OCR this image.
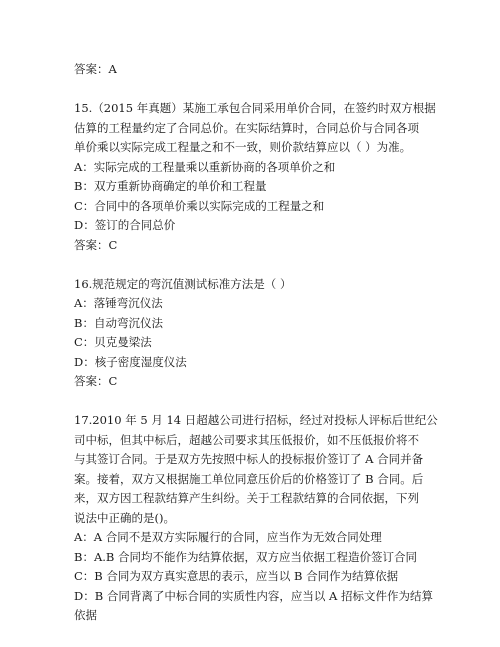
答案：A
15.（2015 年真题）某施工承包合同采用单价合同，在签约时双方根据
估算的工程量约定了合同总价。在实际结算时，合同总价与合同各项
单价乘以实际完成工程量之和不一致，则价款结算应以（ ）为准。
A：实际完成的工程量乘以重新协商的各项单价之和
B：双方重新协商确定的单价和工程量
C：合同中的各项单价乘以实际完成的工程量之和
D：签订的合同总价
答案：C
16.规范规定的弯沉值测试标准方法是（ ）
A：落锤弯沉仪法
B：自动弯沉仪法
C：贝克曼梁法
D：核子密度湿度仪法
答案：C
17.2010 年 5 月 14 日超越公司进行招标，经过对投标人评标后世纪公
司中标，但其中标后，超越公司要求其压低报价，如不压低报价将不
与其签订合同。于是双方先按照中标人的投标报价签订了 A 合同并备
案。接着，双方又根据施工单位同意压价后的价格签订了 B 合同。后
来，双方因工程款结算产生纠纷。关于工程款结算的合同依据，下列
说法中正确的是()。
A：A 合同不是双方实际履行的合同，应当作为无效合同处理
B：A.B 合同均不能作为结算依据，双方应当依据工程造价签订合同
C：B 合同为双方真实意思的表示，应当以 B 合同作为结算依据
D：B 合同背离了中标合同的实质性内容，应当以 A 招标文件作为结算
依据
